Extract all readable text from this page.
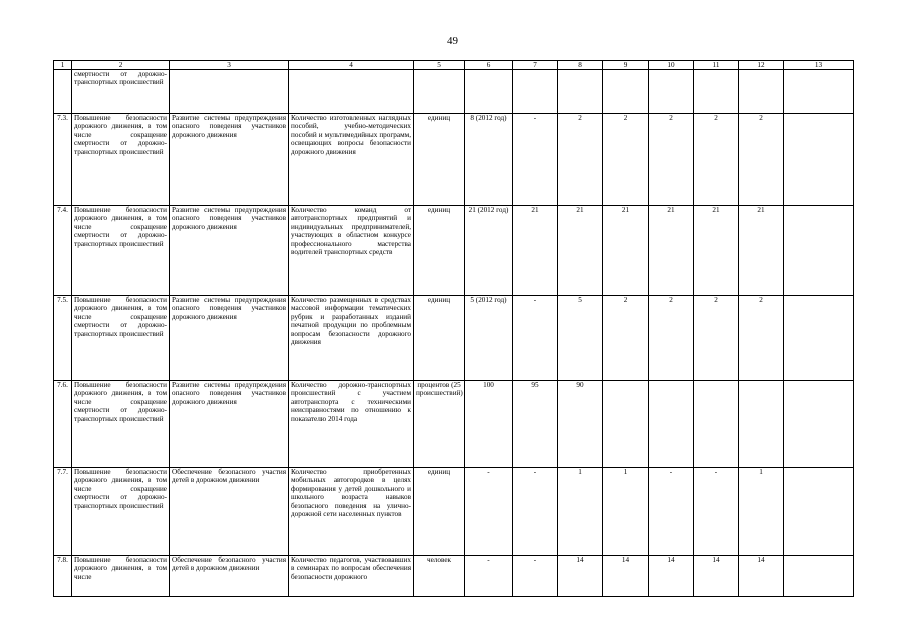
49
1	2	3	4	5	6	7	8	9	10	11	12	13
	смертности от дорожно-транспортных происшествий											
7.3.	Повышение безопасности дорожного движения, в том числе сокращение смертности от дорожно-транспортных происшествий	Развитие системы предупреждения опасного поведения участников дорожного движения	Количество изготовленных наглядных пособий, учебно-методических пособий и мультимедийных программ, освещающих вопросы безопасности дорожного движения	единиц	8 (2012 год)	-	2	2	2	2	2	
7.4.	Повышение безопасности дорожного движения, в том числе сокращение смертности от дорожно-транспортных происшествий	Развитие системы предупреждения опасного поведения участников дорожного движения	Количество команд от автотранспортных предприятий и индивидуальных предпринимателей, участвующих в областном конкурсе профессионального мастерства водителей транспортных средств	единиц	21 (2012 год)	21	21	21	21	21	21	
7.5.	Повышение безопасности дорожного движения, в том числе сокращение смертности от дорожно-транспортных происшествий	Развитие системы предупреждения опасного поведения участников дорожного движения	Количество размещенных в средствах массовой информации тематических рубрик и разработанных изданий печатной продукции по проблемным вопросам безопасности дорожного движения	единиц	5 (2012 год)	-	5	2	2	2	2	
7.6.	Повышение безопасности дорожного движения, в том числе сокращение смертности от дорожно-транспортных происшествий	Развитие системы предупреждения опасного поведения участников дорожного движения	Количество дорожно-транспортных происшествий с участием автотранспорта с техническими неисправностями по отношению к показателю 2014 года	процентов (25 происшествий)	100	95	90					
7.7.	Повышение безопасности дорожного движения, в том числе сокращение смертности от дорожно-транспортных происшествий	Обеспечение безопасного участия детей в дорожном движении	Количество приобретенных мобильных автогородков в целях формирования у детей дошкольного и школьного возраста навыков безопасного поведения на улично-дорожной сети населенных пунктов	единиц	-	-	1	1	-	-	1	
7.8.	Повышение безопасности дорожного движения, в том числе	Обеспечение безопасного участия детей в дорожном движении	Количество педагогов, участвовавших в семинарах по вопросам обеспечения безопасности дорожного	человек	-	-	14	14	14	14	14	
